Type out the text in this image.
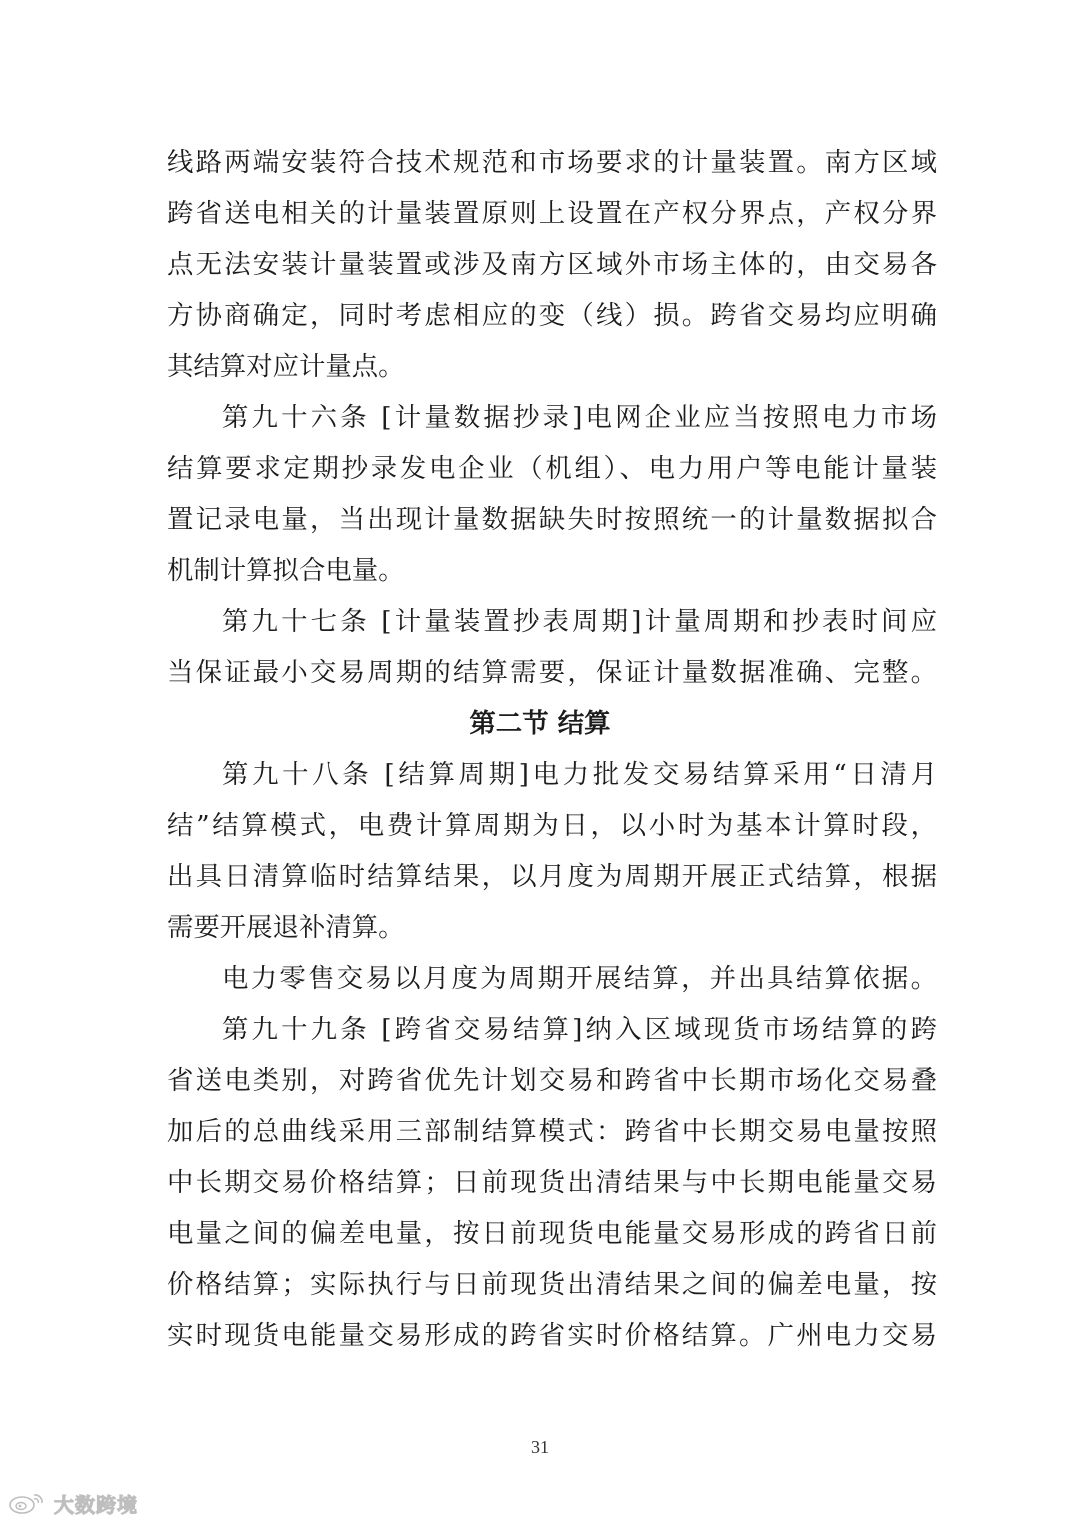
线路两端安装符合技术规范和市场要求的计量装置。南方区域
跨省送电相关的计量装置原则上设置在产权分界点，产权分界
点无法安装计量装置或涉及南方区域外市场主体的，由交易各
方协商确定，同时考虑相应的变（线）损。跨省交易均应明确
其结算对应计量点。
第九十六条 [计量数据抄录]电网企业应当按照电力市场
结算要求定期抄录发电企业（机组）、电力用户等电能计量装
置记录电量，当出现计量数据缺失时按照统一的计量数据拟合
机制计算拟合电量。
第九十七条 [计量装置抄表周期]计量周期和抄表时间应
当保证最小交易周期的结算需要，保证计量数据准确、完整。
第二节 结算
第九十八条 [结算周期]电力批发交易结算采用“日清月
结”结算模式，电费计算周期为日，以小时为基本计算时段，
出具日清算临时结算结果，以月度为周期开展正式结算，根据
需要开展退补清算。
电力零售交易以月度为周期开展结算，并出具结算依据。
第九十九条 [跨省交易结算]纳入区域现货市场结算的跨
省送电类别，对跨省优先计划交易和跨省中长期市场化交易叠
加后的总曲线采用三部制结算模式：跨省中长期交易电量按照
中长期交易价格结算；日前现货出清结果与中长期电能量交易
电量之间的偏差电量，按日前现货电能量交易形成的跨省日前
价格结算；实际执行与日前现货出清结果之间的偏差电量，按
实时现货电能量交易形成的跨省实时价格结算。广州电力交易
31
大数跨境
